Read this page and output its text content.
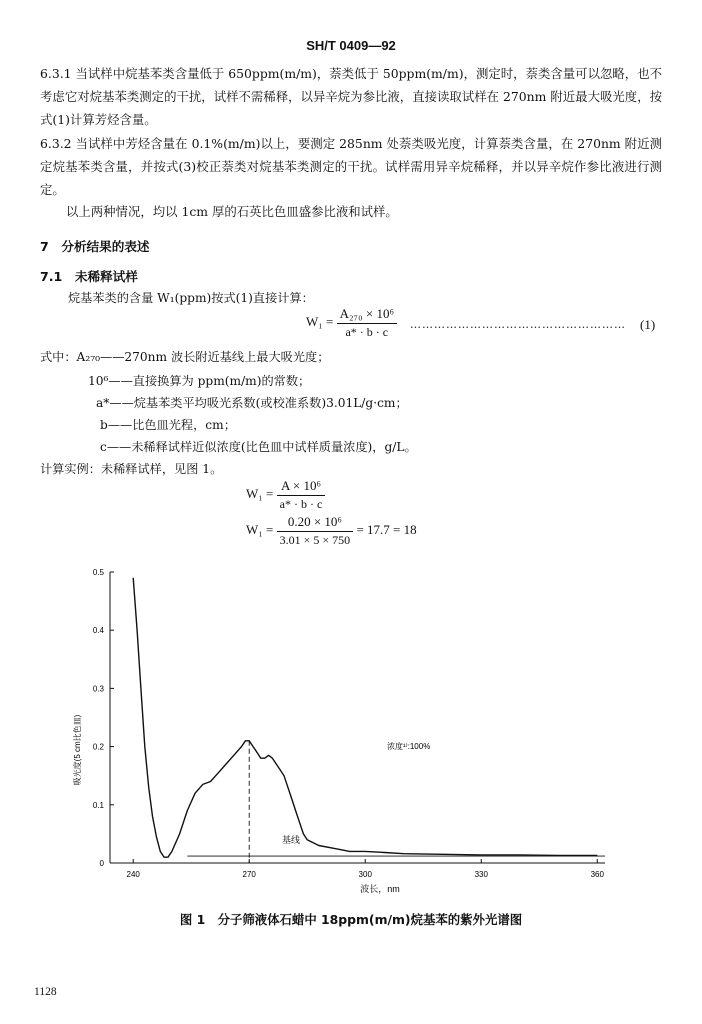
SH/T 0409—92
6.3.1 当试样中烷基苯类含量低于 650ppm(m/m)，萘类低于 50ppm(m/m)，测定时，萘类含量可以忽略，也不考虑它对烷基苯类测定的干扰，试样不需稀释，以异辛烷为参比液，直接读取试样在 270nm 附近最大吸光度，按式(1)计算芳烃含量。
6.3.2 当试样中芳烃含量在 0.1%(m/m)以上，要测定 285nm 处萘类吸光度，计算萘类含量，在 270nm 附近测定烷基苯类含量，并按式(3)校正萘类对烷基苯类测定的干扰。试样需用异辛烷稀释，并以异辛烷作参比液进行测定。
以上两种情况，均以 1cm 厚的石英比色皿盛参比液和试样。
7　分析结果的表述
7.1　未稀释试样
烷基苯类的含量 W₁(ppm)按式(1)直接计算：
$W_1 = \frac{\text{A₂₇₀ × 10⁶}}{a* \cdot b \cdot c}$ ……………………………………………… (1)
式中：A₂₇₀——270nm 波长附近基线上最大吸光度；
10⁶——直接换算为 ppm(m/m)的常数；
a*——烷基苯类平均吸光系数(或校准系数)3.01L/g·cm；
b——比色皿光程，cm；
c——未稀释试样近似浓度(比色皿中试样质量浓度)，g/L。
计算实例：未稀释试样，见图 1。
$W_1 = \frac{\text{A × 10⁶}}{a* \cdot b \cdot c}$
$W_1 = \frac{\text{0.20 × 10⁶}}{3.01 \times 5 \times 750} = 17.7 = 18$
0
0.1
0.2
0.3
0.4
0.5
240	270	300	330	360
吸光度(5 cm比色皿)
波长，nm
基线
浓度¹⁾:100%
图 1　分子筛液体石蜡中 18ppm(m/m)烷基苯的紫外光谱图
1128
